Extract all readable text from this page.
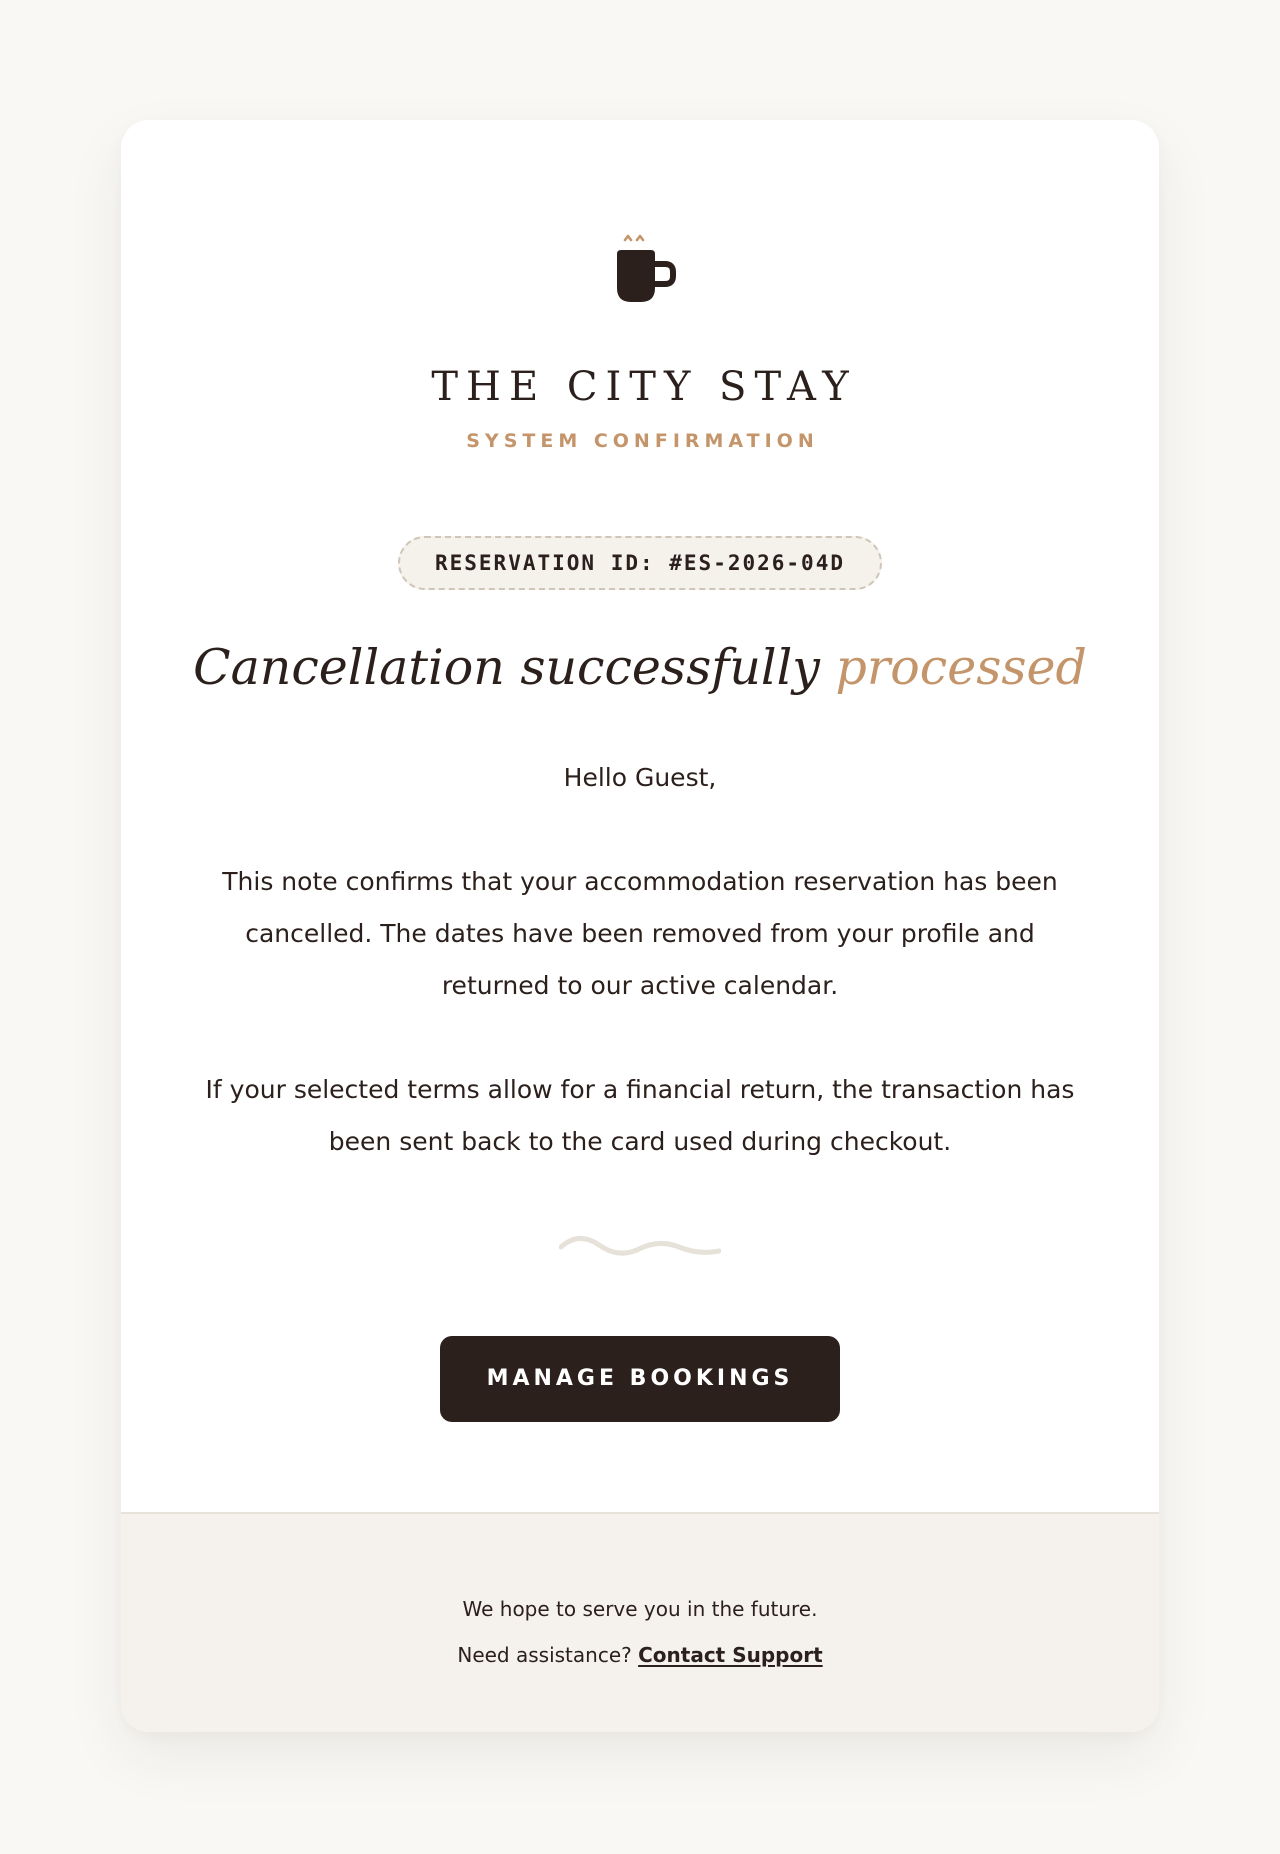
THE CITY STAY
SYSTEM CONFIRMATION
RESERVATION ID: #ES-2026-04D
Cancellation successfully processed
Hello Guest,
This note confirms that your accommodation reservation has been cancelled. The dates have been removed from your profile and returned to our active calendar.
If your selected terms allow for a financial return, the transaction has been sent back to the card used during checkout.
MANAGE BOOKINGS
We hope to serve you in the future.
Need assistance? Contact Support
